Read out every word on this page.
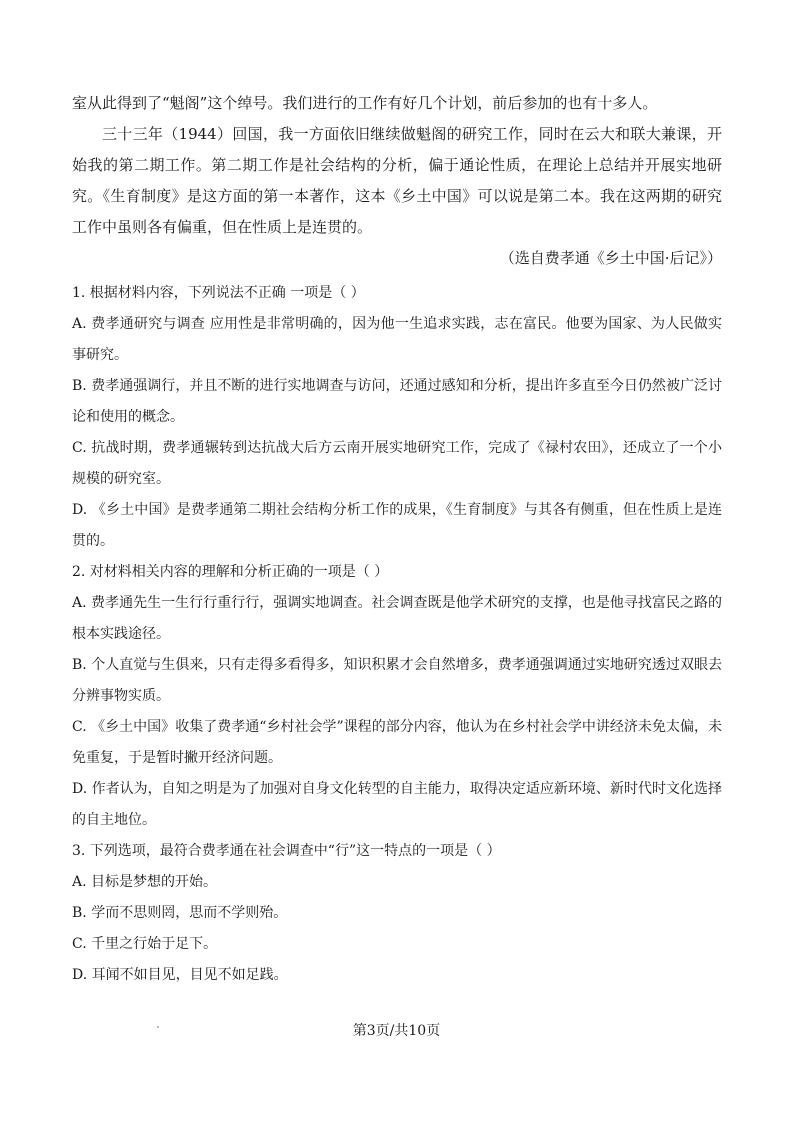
室从此得到了“魁阁”这个绰号。我们进行的工作有好几个计划，前后参加的也有十多人。

三十三年（1944）回国，我一方面依旧继续做魁阁的研究工作，同时在云大和联大兼课，开始我的第二期工作。第二期工作是社会结构的分析，偏于通论性质，在理论上总结并开展实地研究。《生育制度》是这方面的第一本著作，这本《乡土中国》可以说是第二本。我在这两期的研究工作中虽则各有偏重，但在性质上是连贯的。

（选自费孝通《乡土中国·后记》）

1. 根据材料内容，下列说法不正确 一项是（ ）

A. 费孝通研究与调查 应用性是非常明确的，因为他一生追求实践，志在富民。他要为国家、为人民做实事研究。

B. 费孝通强调行，并且不断的进行实地调查与访问，还通过感知和分析，提出许多直至今日仍然被广泛讨论和使用的概念。

C. 抗战时期，费孝通辗转到达抗战大后方云南开展实地研究工作，完成了《禄村农田》，还成立了一个小规模的研究室。

D. 《乡土中国》是费孝通第二期社会结构分析工作的成果，《生育制度》与其各有侧重，但在性质上是连贯的。

2. 对材料相关内容的理解和分析正确的一项是（ ）

A. 费孝通先生一生行行重行行，强调实地调查。社会调查既是他学术研究的支撑，也是他寻找富民之路的根本实践途径。

B. 个人直觉与生俱来，只有走得多看得多，知识积累才会自然增多，费孝通强调通过实地研究透过双眼去分辨事物实质。

C. 《乡土中国》收集了费孝通“乡村社会学”课程的部分内容，他认为在乡村社会学中讲经济未免太偏，未免重复，于是暂时撇开经济问题。

D. 作者认为，自知之明是为了加强对自身文化转型的自主能力，取得决定适应新环境、新时代时文化选择的自主地位。

3. 下列选项，最符合费孝通在社会调查中“行”这一特点的一项是（ ）

A. 目标是梦想的开始。

B. 学而不思则罔，思而不学则殆。

C. 千里之行始于足下。

D. 耳闻不如目见，目见不如足践。

第3页/共10页
